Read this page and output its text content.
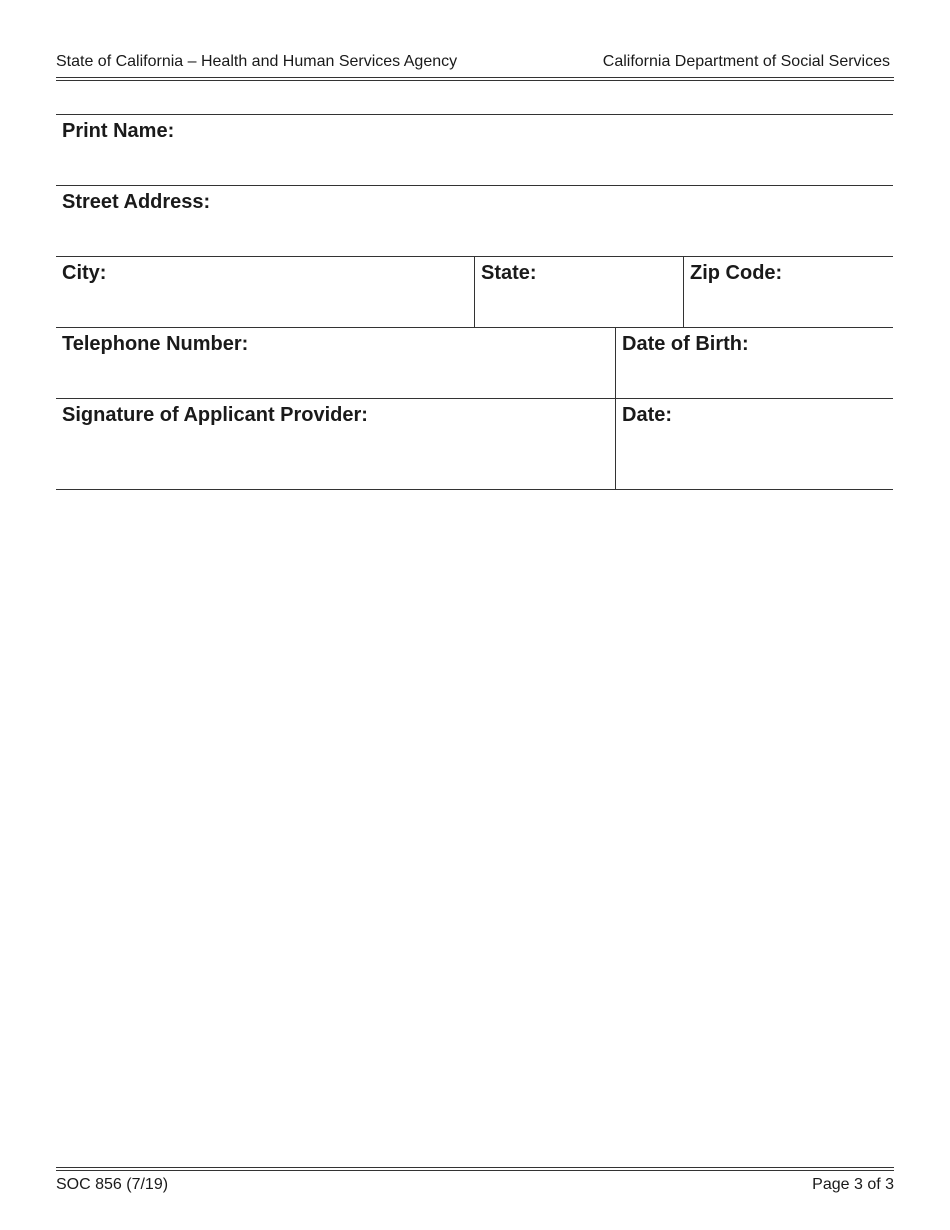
State of California – Health and Human Services Agency	California Department of Social Services
Print Name:
Street Address:
City:	State:	Zip Code:
Telephone Number:	Date of Birth:
Signature of Applicant Provider:	Date:
SOC 856 (7/19)	Page 3 of 3
